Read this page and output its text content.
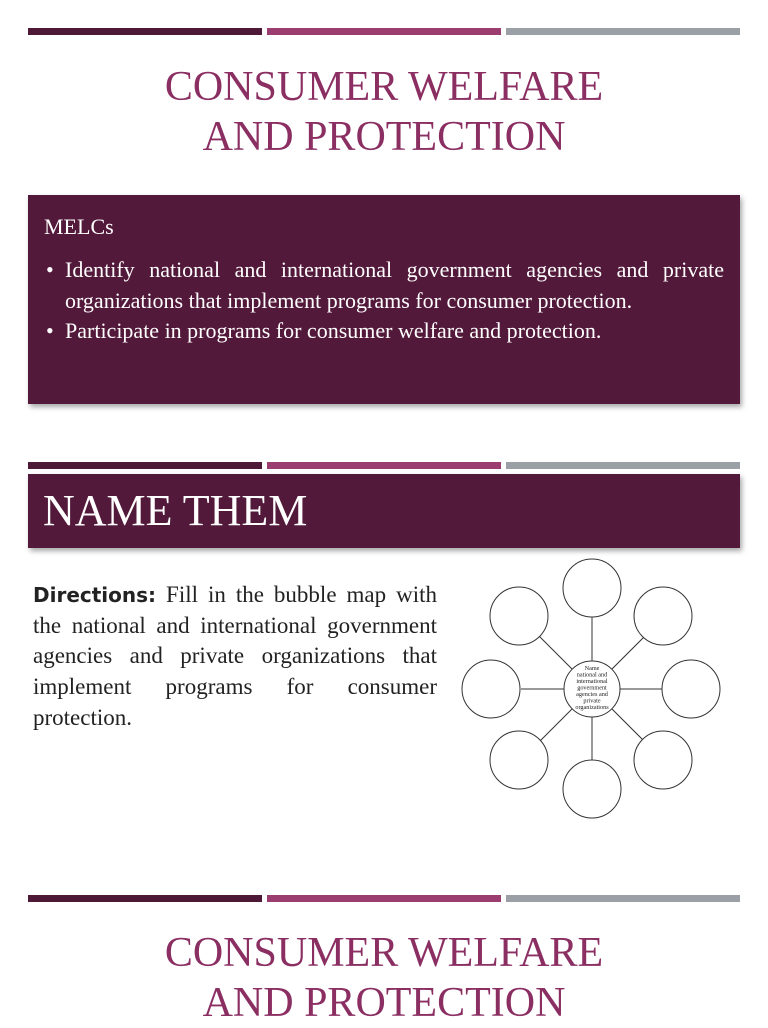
CONSUMER WELFARE
AND PROTECTION
MELCs
• Identify national and international government agencies and private organizations that implement programs for consumer protection.
• Participate in programs for consumer welfare and protection.
NAME THEM

Directions: Fill in the bubble map with the national and international government agencies and private organizations that implement programs for consumer protection.

Name
national and
international
government
agencies and
private
organizations
CONSUMER WELFARE
AND PROTECTION
